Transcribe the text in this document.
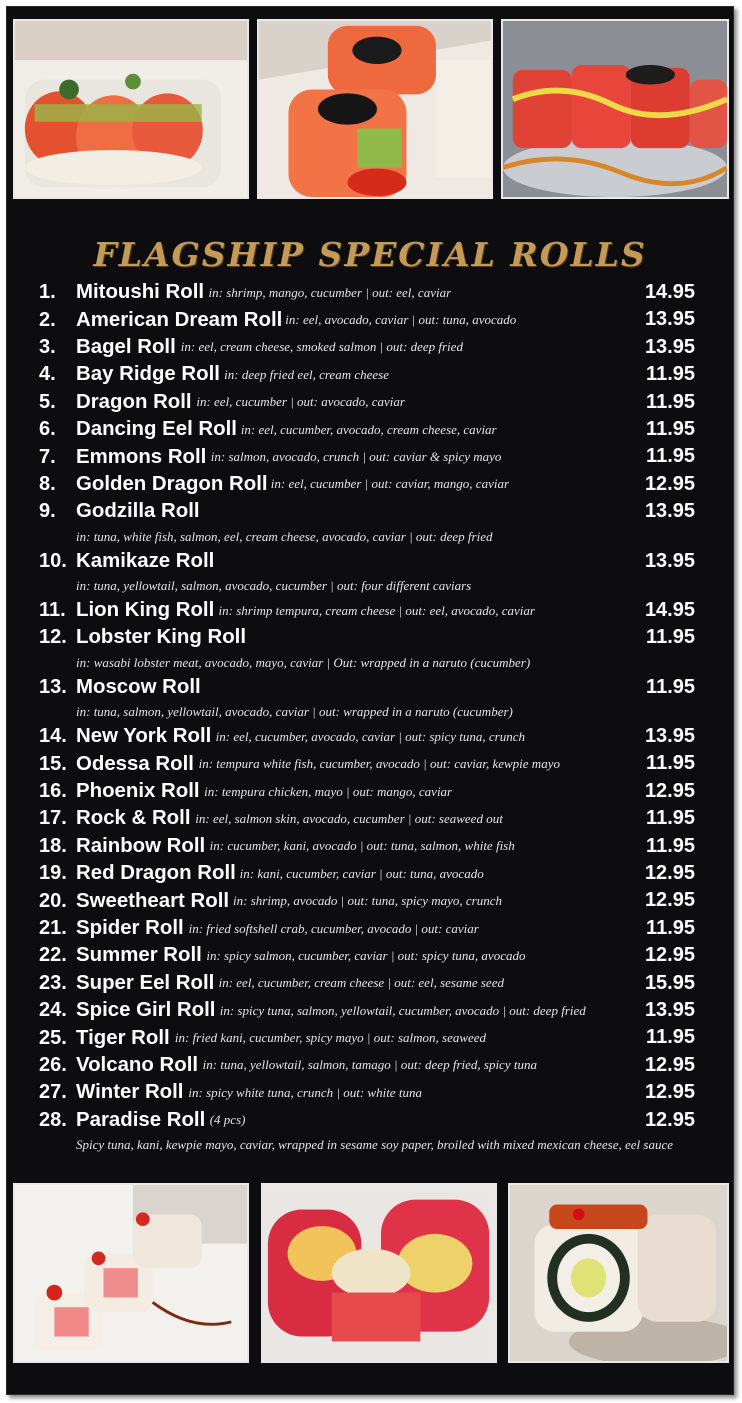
FLAGSHIP SPECIAL ROLLS
1.	Mitoushi Roll in: shrimp, mango, cucumber | out: eel, caviar	14.95
2.	American Dream Roll in: eel, avocado, caviar | out: tuna, avocado	13.95
3.	Bagel Roll in: eel, cream cheese, smoked salmon | out: deep fried	13.95
4.	Bay Ridge Roll in: deep fried eel, cream cheese	11.95
5.	Dragon Roll in: eel, cucumber | out: avocado, caviar	11.95
6.	Dancing Eel Roll in: eel, cucumber, avocado, cream cheese, caviar	11.95
7.	Emmons Roll in: salmon, avocado, crunch | out: caviar & spicy mayo	11.95
8.	Golden Dragon Roll in: eel, cucumber | out: caviar, mango, caviar	12.95
9.	Godzilla Roll	13.95
in: tuna, white fish, salmon, eel, cream cheese, avocado, caviar | out: deep fried
10. Kamikaze Roll	13.95
in: tuna, yellowtail, salmon, avocado, cucumber | out: four different caviars
11. Lion King Roll in: shrimp tempura, cream cheese | out: eel, avocado, caviar	14.95
12. Lobster King Roll	11.95
in: wasabi lobster meat, avocado, mayo, caviar | Out: wrapped in a naruto (cucumber)
13. Moscow Roll	11.95
in: tuna, salmon, yellowtail, avocado, caviar | out: wrapped in a naruto (cucumber)
14. New York Roll in: eel, cucumber, avocado, caviar | out: spicy tuna, crunch	13.95
15. Odessa Roll in: tempura white fish, cucumber, avocado | out: caviar, kewpie mayo	11.95
16. Phoenix Roll in: tempura chicken, mayo | out: mango, caviar	12.95
17. Rock & Roll in: eel, salmon skin, avocado, cucumber | out: seaweed out	11.95
18. Rainbow Roll in: cucumber, kani, avocado | out: tuna, salmon, white fish	11.95
19. Red Dragon Roll in: kani, cucumber, caviar | out: tuna, avocado	12.95
20. Sweetheart Roll in: shrimp, avocado | out: tuna, spicy mayo, crunch	12.95
21. Spider Roll in: fried softshell crab, cucumber, avocado | out: caviar	11.95
22. Summer Roll in: spicy salmon, cucumber, caviar | out: spicy tuna, avocado	12.95
23. Super Eel Roll in: eel, cucumber, cream cheese | out: eel, sesame seed	15.95
24. Spice Girl Roll in: spicy tuna, salmon, yellowtail, cucumber, avocado | out: deep fried	13.95
25. Tiger Roll in: fried kani, cucumber, spicy mayo | out: salmon, seaweed	11.95
26. Volcano Roll in: tuna, yellowtail, salmon, tamago | out: deep fried, spicy tuna	12.95
27. Winter Roll in: spicy white tuna, crunch | out: white tuna	12.95
28. Paradise Roll (4 pcs)	12.95
Spicy tuna, kani, kewpie mayo, caviar, wrapped in sesame soy paper, broiled with mixed mexican cheese, eel sauce
